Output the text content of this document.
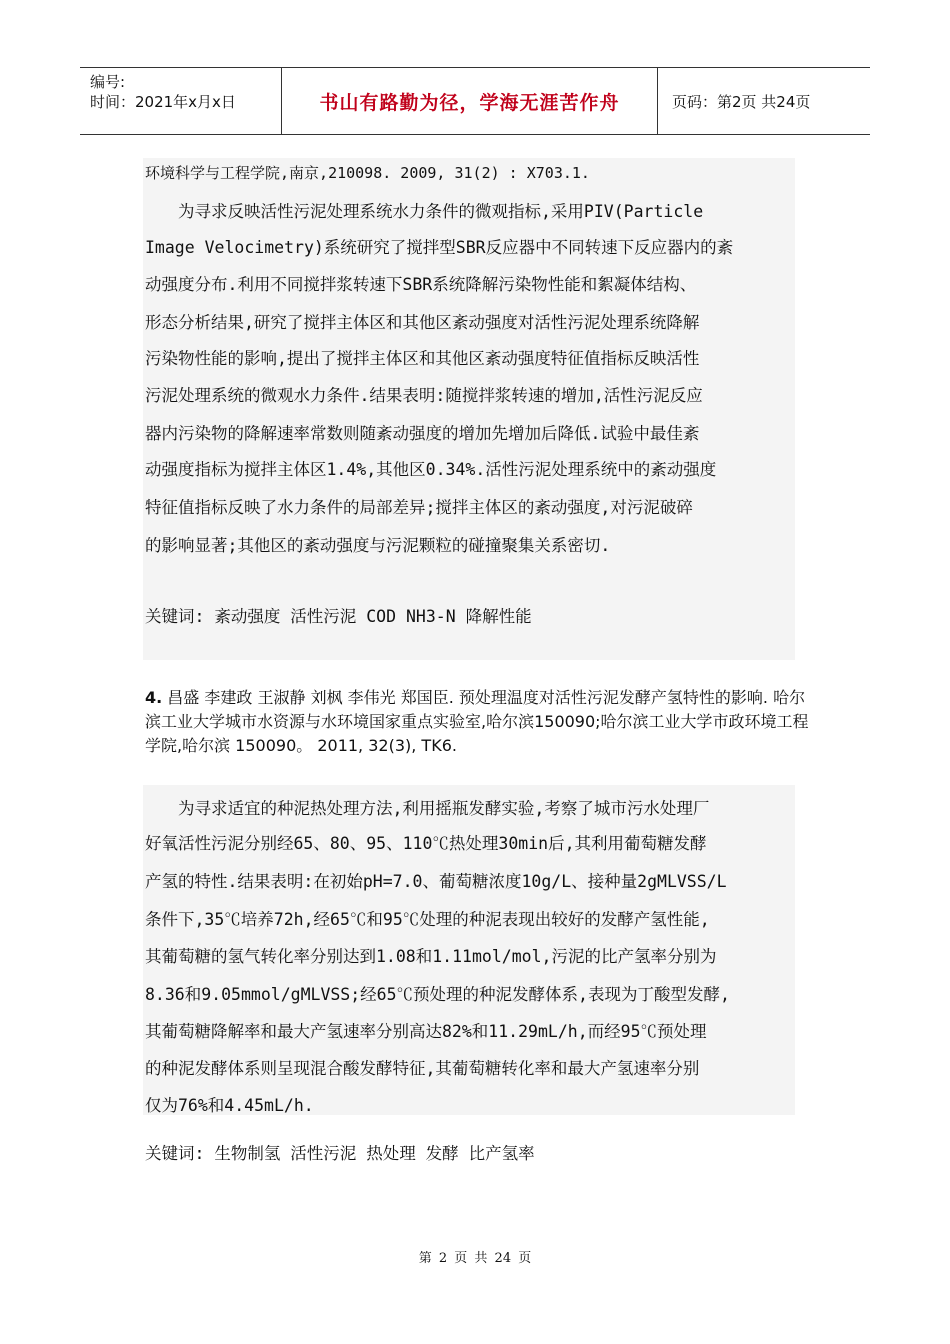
编号:
时间：2021年x月x日	书山有路勤为径，学海无涯苦作舟	页码：第2页 共24页
环境科学与工程学院,南京,210098. 2009, 31(2) : X703.1.
　　为寻求反映活性污泥处理系统水力条件的微观指标,采用PIV(Particle
Image Velocimetry)系统研究了搅拌型SBR反应器中不同转速下反应器内的紊
动强度分布.利用不同搅拌浆转速下SBR系统降解污染物性能和絮凝体结构、
形态分析结果,研究了搅拌主体区和其他区紊动强度对活性污泥处理系统降解
污染物性能的影响,提出了搅拌主体区和其他区紊动强度特征值指标反映活性
污泥处理系统的微观水力条件.结果表明:随搅拌浆转速的增加,活性污泥反应
器内污染物的降解速率常数则随紊动强度的增加先增加后降低.试验中最佳紊
动强度指标为搅拌主体区1.4%,其他区0.34%.活性污泥处理系统中的紊动强度
特征值指标反映了水力条件的局部差异;搅拌主体区的紊动强度,对污泥破碎
的影响显著;其他区的紊动强度与污泥颗粒的碰撞聚集关系密切.
关键词: 紊动强度 活性污泥 COD NH3-N 降解性能
4. 昌盛 李建政 王淑静 刘枫 李伟光 郑国臣. 预处理温度对活性污泥发酵产氢特性的影响. 哈尔滨工业大学城市水资源与水环境国家重点实验室,哈尔滨150090;哈尔滨工业大学市政环境工程学院,哈尔滨 150090。 2011, 32(3), TK6.
　　为寻求适宜的种泥热处理方法,利用摇瓶发酵实验,考察了城市污水处理厂
好氧活性污泥分别经65、80、95、110℃热处理30min后,其利用葡萄糖发酵
产氢的特性.结果表明:在初始pH=7.0、葡萄糖浓度10g/L、接种量2gMLVSS/L
条件下,35℃培养72h,经65℃和95℃处理的种泥表现出较好的发酵产氢性能,
其葡萄糖的氢气转化率分别达到1.08和1.11mol/mol,污泥的比产氢率分别为
8.36和9.05mmol/gMLVSS;经65℃预处理的种泥发酵体系,表现为丁酸型发酵,
其葡萄糖降解率和最大产氢速率分别高达82%和11.29mL/h,而经95℃预处理
的种泥发酵体系则呈现混合酸发酵特征,其葡萄糖转化率和最大产氢速率分别
仅为76%和4.45mL/h.
关键词: 生物制氢 活性污泥 热处理 发酵 比产氢率
第 2 页 共 24 页
